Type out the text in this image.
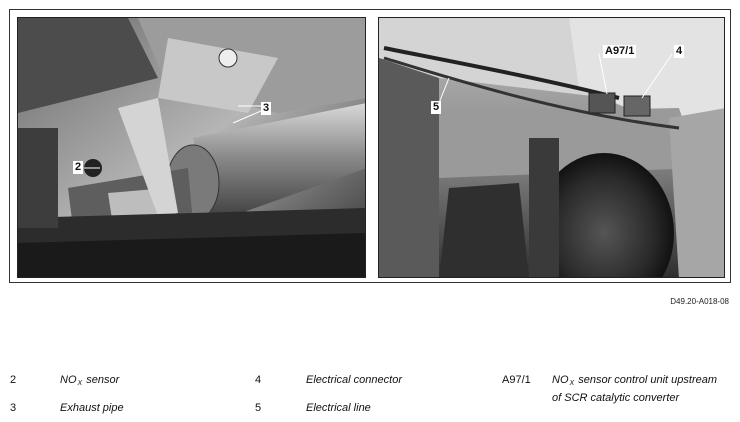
2
3	5
A97/1	4
D49.20-A018-08
2	$NO_X$ sensor
3	Exhaust pipe
4	Electrical connector
5	Electrical line
A97/1 $NO_X$ sensor control unit upstream
of SCR catalytic converter
